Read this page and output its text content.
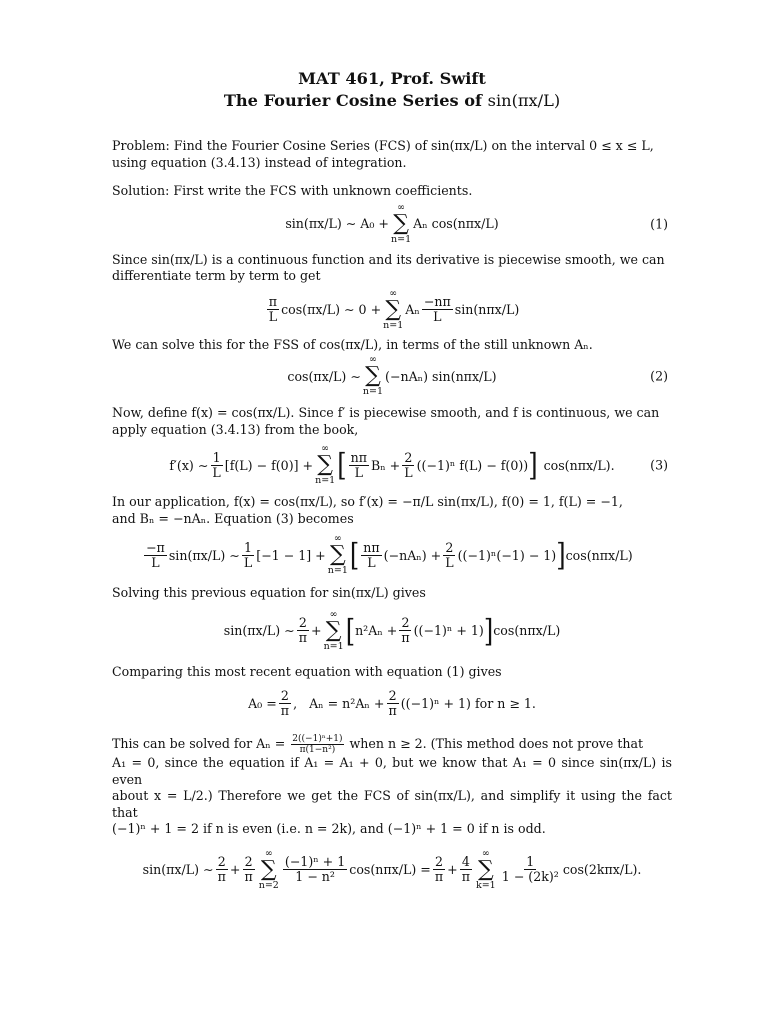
MAT 461, Prof. Swift
The Fourier Cosine Series of sin(πx/L)

Problem: Find the Fourier Cosine Series (FCS) of sin(πx/L) on the interval 0 ≤ x ≤ L,

using equation (3.4.13) instead of integration.

Solution: First write the FCS with unknown coefficients.

sin(πx/L) ∼ A₀ +
∞
∑
n=1
Aₙ cos(nπx/L)	(1)

Since sin(πx/L) is a continuous function and its derivative is piecewise smooth, we can

differentiate term by term to get

$\frac{\pi}{L} \cos(\pi x/L)$ ∼ 0 +
∞
∑
n=1
Aₙ $\frac{-n\pi}{L} \sin(n\pi x/L)$

We can solve this for the FSS of cos(πx/L), in terms of the still unknown Aₙ.

cos(πx/L) ∼
∞
∑
n=1
(−nAₙ) sin(nπx/L)	(2)

Now, define f(x) = cos(πx/L). Since f′ is piecewise smooth, and f is continuous, we can

apply equation (3.4.13) from the book,

f′(x) ∼ $\frac{1}{L} [f(L) - f(0)]$ +
∞
∑
n=1 [ $\frac{n\pi}{L}$ $B_n + \frac{2}{L} ((-1)^n$ f(L) − f(0)) ] cos(nπx/L).	(3)

In our application, f(x) = cos(πx/L), so f′(x) = −π/L sin(πx/L), f(0) = 1, f(L) = −1,

and Bₙ = −nAₙ. Equation (3) becomes

$\frac{-\pi}{L} \sin(\pi x/L)$ ∼ $\frac{1}{L} [-1 - 1]$ +
∞
∑
n=1 [ $\frac{n\pi}{L} (-nA_n) + \frac{2}{L} ((-1)^n(-1) - 1)$ ] cos(nπx/L)

Solving this previous equation for sin(πx/L) gives

sin(πx/L) ∼ $\frac{2}{\pi}$ +
∞
∑
n=1 [ $n^2A_n + \frac{2}{\pi} ((-1)^n + 1)$ ] cos(nπx/L)

Comparing this most recent equation with equation (1) gives

$A_0 = \frac{2}{\pi}$ ,   $A_n = n^2A_n + \frac{2}{\pi} ((-1)^n + 1)$ for n ≥ 1.

This can be solved for $A_n = \frac{\text{2((−1)ⁿ+1)}}{\text{π(1−n²)}}$ when n ≥ 2. (This method does not prove that

A₁ = 0, since the equation if A₁ = A₁ + 0, but we know that A₁ = 0 since sin(πx/L) is even

about x = L/2.) Therefore we get the FCS of sin(πx/L), and simplify it using the fact that

(−1)ⁿ + 1 = 2 if n is even (i.e. n = 2k), and (−1)ⁿ + 1 = 0 if n is odd.

sin(πx/L) ∼ $\frac{2}{\pi} + \frac{2}{\pi}$
∞
∑
n=2
$\frac{\text{(−1)ⁿ + 1}}{\text{1 − n²}} \cos(n\pi x/L) = \frac{2}{\pi} + \frac{4}{\pi}$
∞
∑
k=1
$\frac{1}{\text{1 − (2k)²}} \cos(2k\pi x/L)$.
